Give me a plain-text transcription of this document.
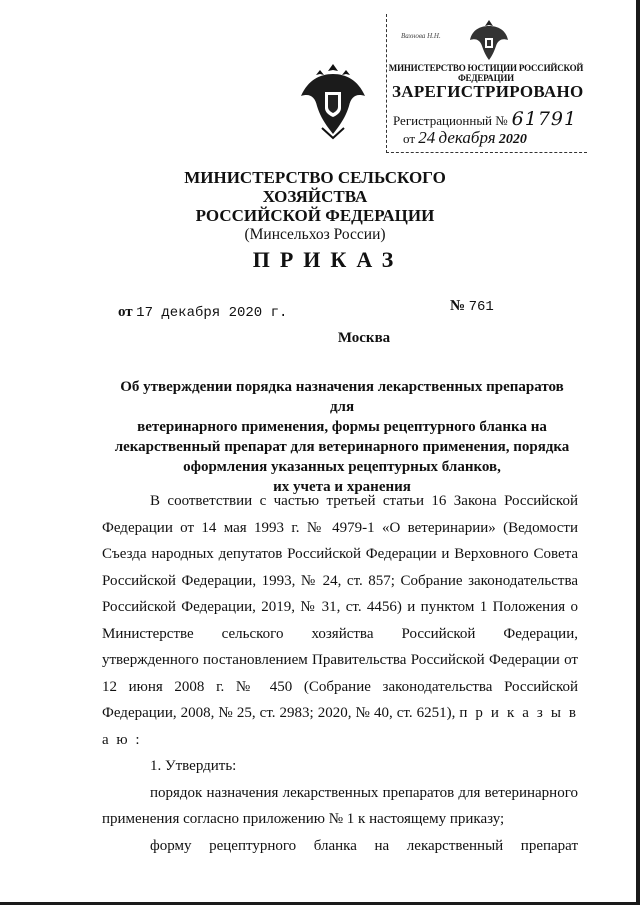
Вахнова Н.Н.
МИНИСТЕРСТВО ЮСТИЦИИ РОССИЙСКОЙ ФЕДЕРАЦИИ
ЗАРЕГИСТРИРОВАНО
Регистрационный № 61791
от 24 декабря 2020
МИНИСТЕРСТВО СЕЛЬСКОГО ХОЗЯЙСТВА
РОССИЙСКОЙ ФЕДЕРАЦИИ
(Минсельхоз России)
ПРИКАЗ
от 17 декабря 2020 г.	№ 761
Москва
Об утверждении порядка назначения лекарственных препаратов для
ветеринарного применения, формы рецептурного бланка на
лекарственный препарат для ветеринарного применения, порядка
оформления указанных рецептурных бланков,
их учета и хранения

В соответствии с частью третьей статьи 16 Закона Российской Федерации от 14 мая 1993 г. № 4979-1 «О ветеринарии» (Ведомости Съезда народных депутатов Российской Федерации и Верховного Совета Российской Федерации, 1993, № 24, ст. 857; Собрание законодательства Российской Федерации, 2019, № 31, ст. 4456) и пунктом 1 Положения о Министерстве сельского хозяйства Российской Федерации, утвержденного постановлением Правительства Российской Федерации от 12 июня 2008 г. № 450 (Собрание законодательства Российской Федерации, 2008, № 25, ст. 2983; 2020, № 40, ст. 6251), п р и к а з ы в а ю :

1. Утвердить:

порядок назначения лекарственных препаратов для ветеринарного применения согласно приложению № 1 к настоящему приказу;

форму рецептурного бланка на лекарственный препарат
